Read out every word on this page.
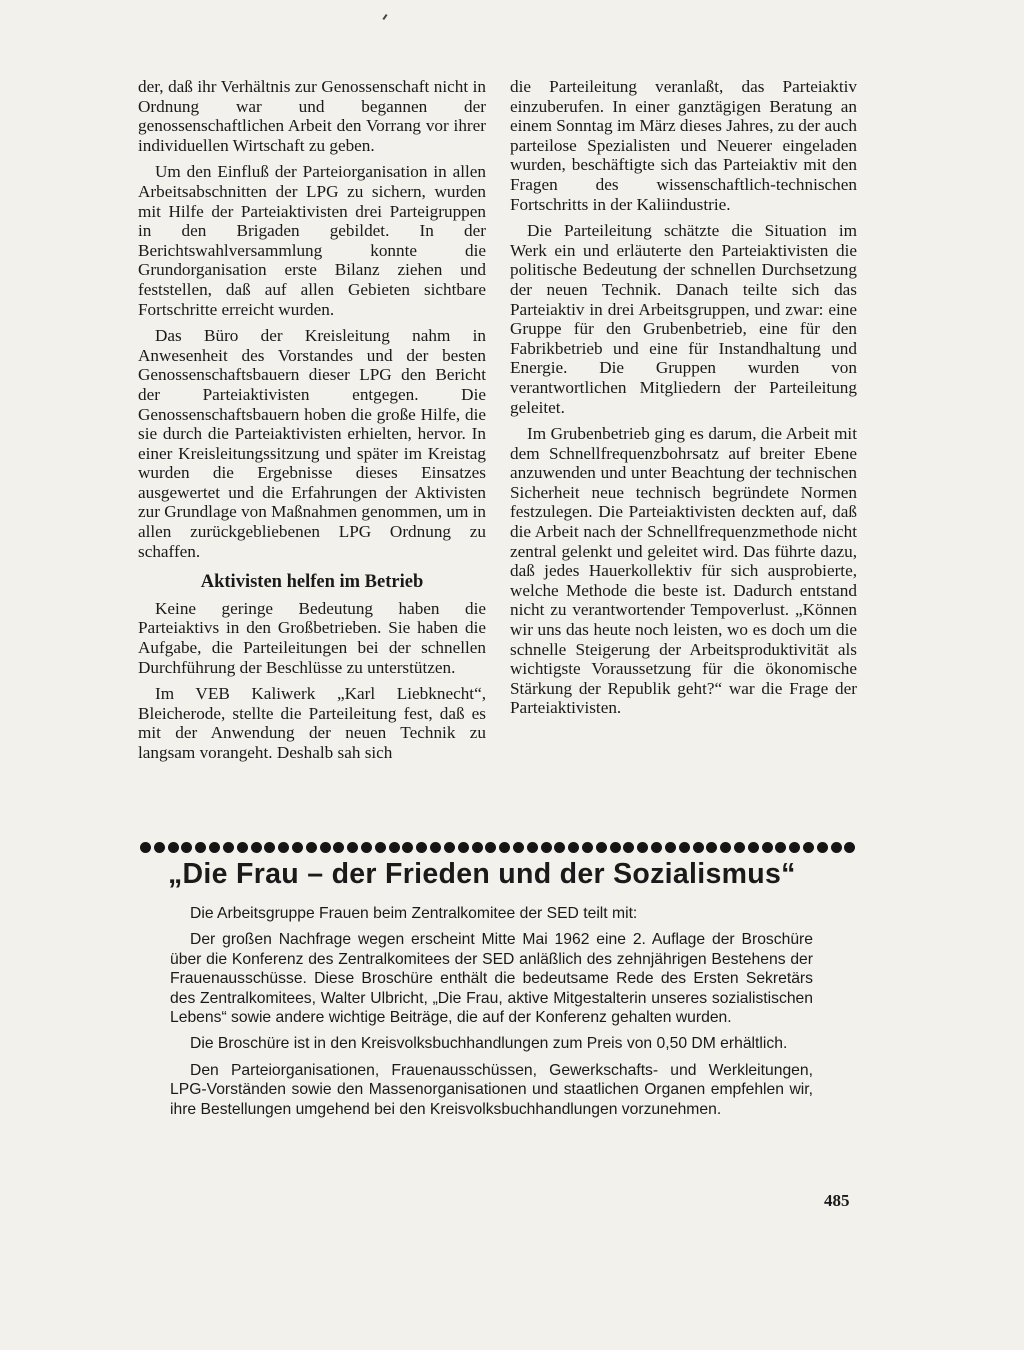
der, daß ihr Verhältnis zur Genossenschaft nicht in Ordnung war und begannen der genossenschaftlichen Arbeit den Vorrang vor ihrer individuellen Wirtschaft zu geben.

Um den Einfluß der Parteiorganisation in allen Arbeitsabschnitten der LPG zu sichern, wurden mit Hilfe der Parteiaktivisten drei Parteigruppen in den Brigaden gebildet. In der Berichtswahlversammlung konnte die Grundorganisation erste Bilanz ziehen und feststellen, daß auf allen Gebieten sichtbare Fortschritte erreicht wurden.

Das Büro der Kreisleitung nahm in Anwesenheit des Vorstandes und der besten Genossenschaftsbauern dieser LPG den Bericht der Parteiaktivisten entgegen. Die Genossenschaftsbauern hoben die große Hilfe, die sie durch die Parteiaktivisten erhielten, hervor. In einer Kreisleitungssitzung und später im Kreistag wurden die Ergebnisse dieses Einsatzes ausgewertet und die Erfahrungen der Aktivisten zur Grundlage von Maßnahmen genommen, um in allen zurückgebliebenen LPG Ordnung zu schaffen.

Aktivisten helfen im Betrieb

Keine geringe Bedeutung haben die Parteiaktivs in den Großbetrieben. Sie haben die Aufgabe, die Parteileitungen bei der schnellen Durchführung der Beschlüsse zu unterstützen.

Im VEB Kaliwerk „Karl Liebknecht“, Bleicherode, stellte die Parteileitung fest, daß es mit der Anwendung der neuen Technik zu langsam vorangeht. Deshalb sah sich

die Parteileitung veranlaßt, das Parteiaktiv einzuberufen. In einer ganztägigen Beratung an einem Sonntag im März dieses Jahres, zu der auch parteilose Spezialisten und Neuerer eingeladen wurden, beschäftigte sich das Parteiaktiv mit den Fragen des wissenschaftlich-technischen Fortschritts in der Kaliindustrie.

Die Parteileitung schätzte die Situation im Werk ein und erläuterte den Parteiaktivisten die politische Bedeutung der schnellen Durchsetzung der neuen Technik. Danach teilte sich das Parteiaktiv in drei Arbeitsgruppen, und zwar: eine Gruppe für den Grubenbetrieb, eine für den Fabrikbetrieb und eine für Instandhaltung und Energie. Die Gruppen wurden von verantwortlichen Mitgliedern der Parteileitung geleitet.

Im Grubenbetrieb ging es darum, die Arbeit mit dem Schnellfrequenzbohrsatz auf breiter Ebene anzuwenden und unter Beachtung der technischen Sicherheit neue technisch begründete Normen festzulegen. Die Parteiaktivisten deckten auf, daß die Arbeit nach der Schnellfrequenzmethode nicht zentral gelenkt und geleitet wird. Das führte dazu, daß jedes Hauerkollektiv für sich ausprobierte, welche Methode die beste ist. Dadurch entstand nicht zu verantwortender Tempoverlust. „Können wir uns das heute noch leisten, wo es doch um die schnelle Steigerung der Arbeitsproduktivität als wichtigste Voraussetzung für die ökonomische Stärkung der Republik geht?“ war die Frage der Parteiaktivisten.

„Die Frau – der Frieden und der Sozialismus“

Die Arbeitsgruppe Frauen beim Zentralkomitee der SED teilt mit:

Der großen Nachfrage wegen erscheint Mitte Mai 1962 eine 2. Auflage der Broschüre über die Konferenz des Zentralkomitees der SED anläßlich des zehnjährigen Bestehens der Frauenausschüsse. Diese Broschüre enthält die bedeutsame Rede des Ersten Sekretärs des Zentralkomitees, Walter Ulbricht, „Die Frau, aktive Mitgestalterin unseres sozialistischen Lebens“ sowie andere wichtige Beiträge, die auf der Konferenz gehalten wurden.

Die Broschüre ist in den Kreisvolksbuchhandlungen zum Preis von 0,50 DM erhältlich.

Den Parteiorganisationen, Frauenausschüssen, Gewerkschafts- und Werkleitungen, LPG-Vorständen sowie den Massenorganisationen und staatlichen Organen empfehlen wir, ihre Bestellungen umgehend bei den Kreisvolksbuchhandlungen vorzunehmen.

485
